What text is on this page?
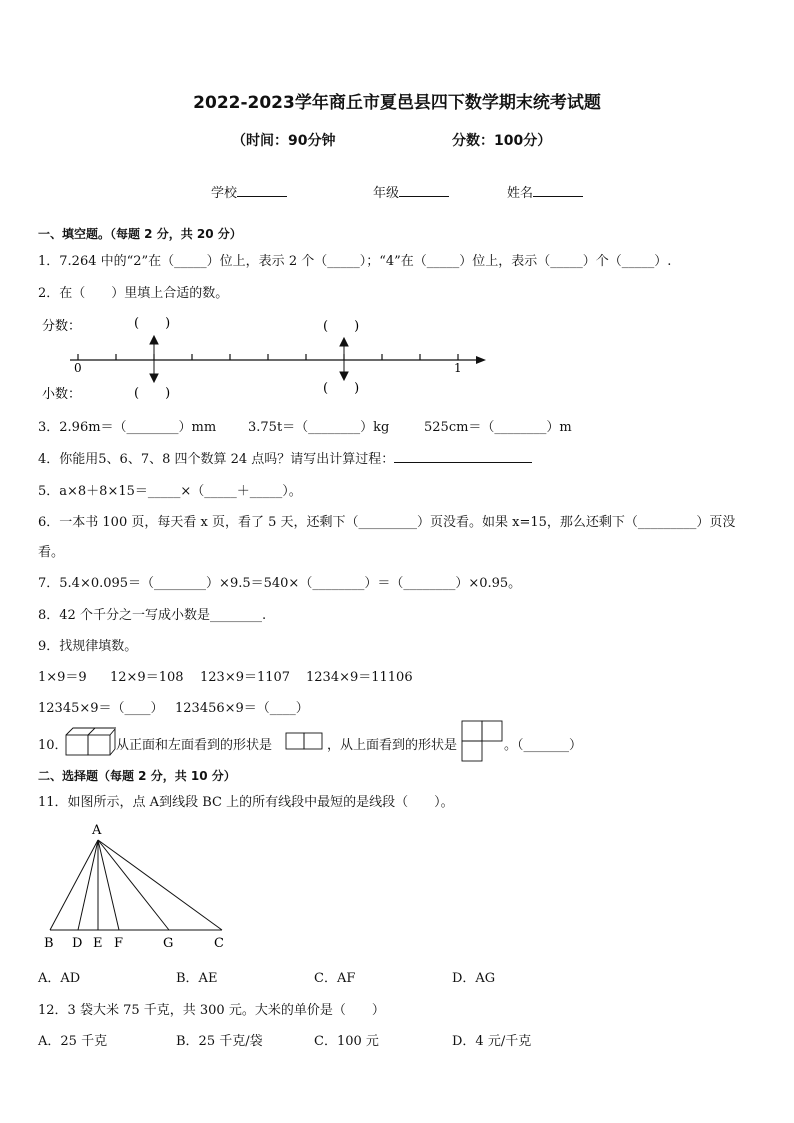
2022-2023学年商丘市夏邑县四下数学期末统考试题
（时间：90分钟	分数：100分）
学校	年级	姓名
一、填空题。（每题 2 分，共 20 分）
1．7.264 中的“2”在（_____）位上，表示 2 个（_____）；“4”在（_____）位上，表示（_____）个（_____）.
2．在（　　）里填上合适的数。
分数：	(　　)	(　　)
0	1
(　　)
小数：	(　　)
3．2.96m＝（________）mm 3.75t＝（________）kg	525cm＝（________）m
4．你能用5、6、7、8 四个数算 24 点吗？请写出计算过程：
5．a×8＋8×15＝_____×（_____＋_____）。
6．一本书 100 页，每天看 x 页，看了 5 天，还剩下（_________）页没看。如果 x=15，那么还剩下（_________）页没
看。
7．5.4×0.095＝（________）×9.5＝540×（________）＝（________）×0.95。
8．42 个千分之一写成小数是________.
9．找规律填数。
1×9＝9 12×9＝108 123×9＝1107 1234×9＝11106
12345×9＝（____） 123456×9＝（____）
10．	从正面和左面看到的形状是	，从上面看到的形状是	。（_______）
二、选择题（每题 2 分，共 10 分）
11．如图所示，点 A到线段 BC 上的所有线段中最短的是线段（　　）。
A
B D E F	G	C
A．AD	B．AE	C．AF	D．AG
12．3 袋大米 75 千克，共 300 元。大米的单价是（　　）
A．25 千克	B．25 千克/袋	C．100 元	D．4 元/千克
